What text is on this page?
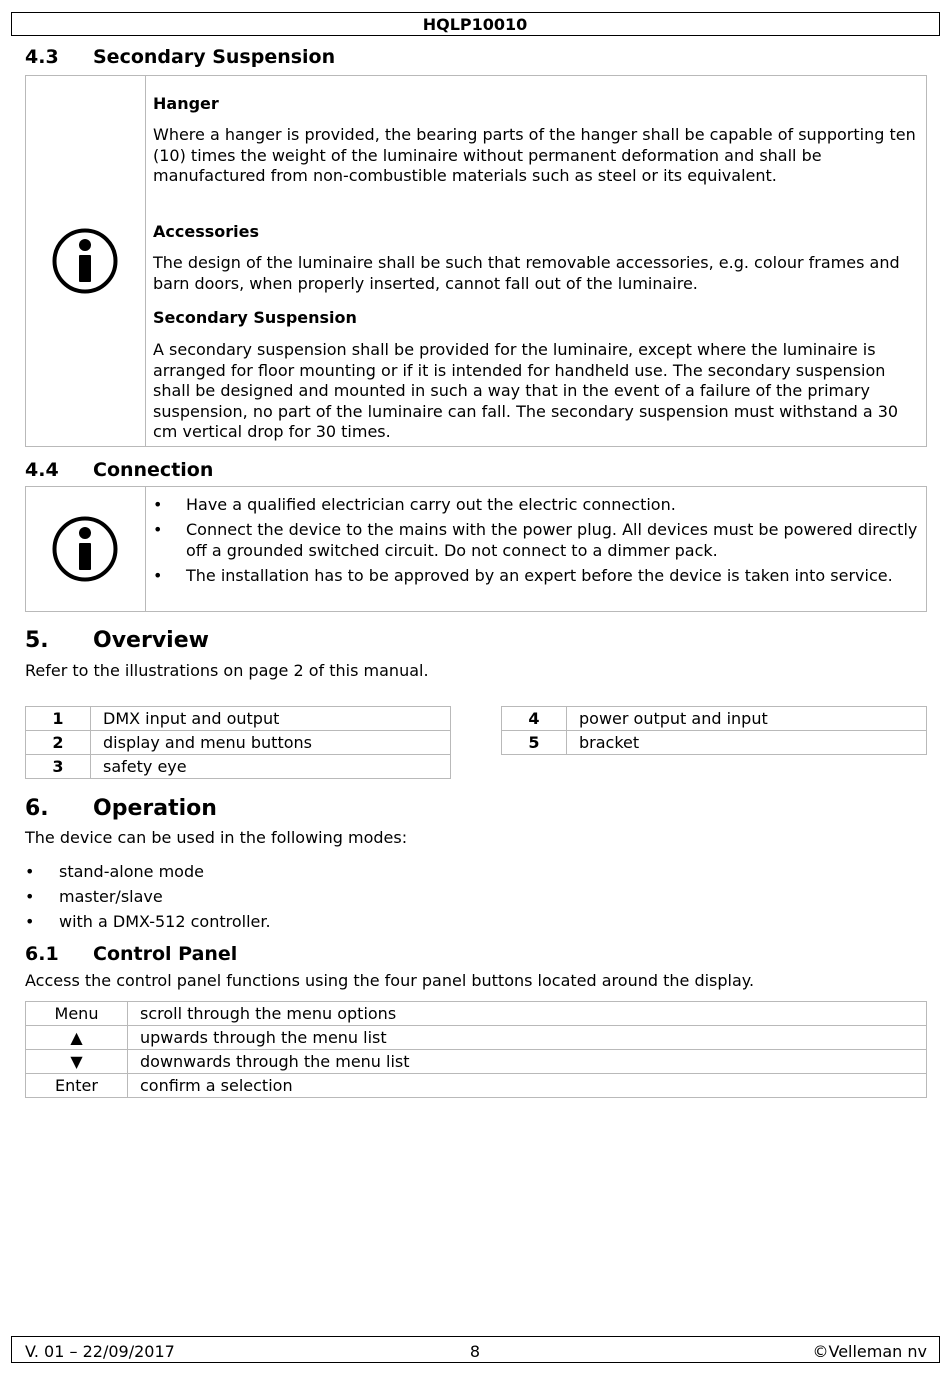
HQLP10010
4.3 Secondary Suspension
Hanger

Where a hanger is provided, the bearing parts of the hanger shall be capable of supporting ten (10) times the weight of the luminaire without permanent deformation and shall be manufactured from non-combustible materials such as steel or its equivalent.

Accessories

The design of the luminaire shall be such that removable accessories, e.g. colour frames and barn doors, when properly inserted, cannot fall out of the luminaire.

Secondary Suspension

A secondary suspension shall be provided for the luminaire, except where the luminaire is arranged for floor mounting or if it is intended for handheld use. The secondary suspension shall be designed and mounted in such a way that in the event of a failure of the primary suspension, no part of the luminaire can fall. The secondary suspension must withstand a 30 cm vertical drop for 30 times.

4.4 Connection
• Have a qualified electrician carry out the electric connection.
• Connect the device to the mains with the power plug. All devices must be powered directly off a grounded switched circuit. Do not connect to a dimmer pack.
• The installation has to be approved by an expert before the device is taken into service.
5. Overview

Refer to the illustrations on page 2 of this manual.

1	DMX input and output
2	display and menu buttons
3	safety eye
4	power output and input
5	bracket
6. Operation

The device can be used in the following modes:

• stand-alone mode
• master/slave
• with a DMX-512 controller.
6.1 Control Panel

Access the control panel functions using the four panel buttons located around the display.

Menu	scroll through the menu options
▲	upwards through the menu list
▼	downwards through the menu list
Enter	confirm a selection
V. 01 – 22/09/2017	8	©Velleman nv
